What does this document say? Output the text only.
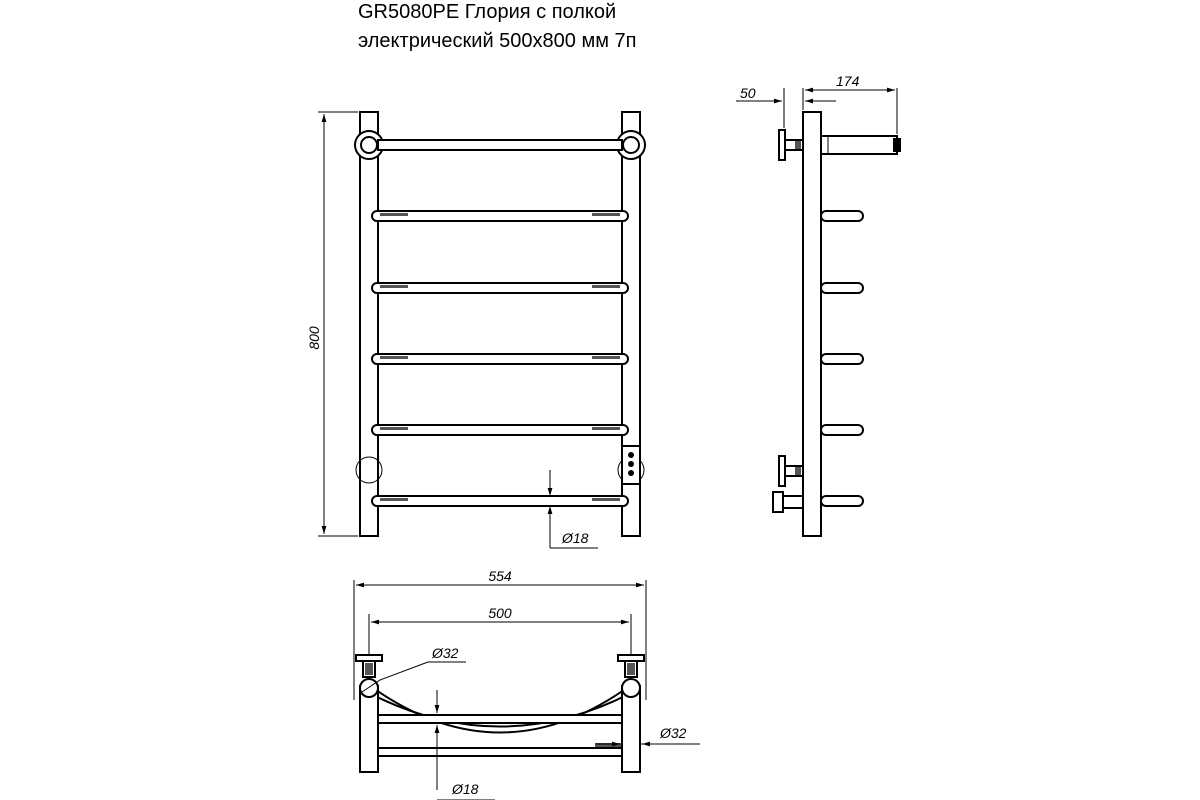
GR5080PE Глория с полкой
электрический 500х800 мм 7п
800
Ø18
50
174
554
500
Ø32
Ø32
Ø18
